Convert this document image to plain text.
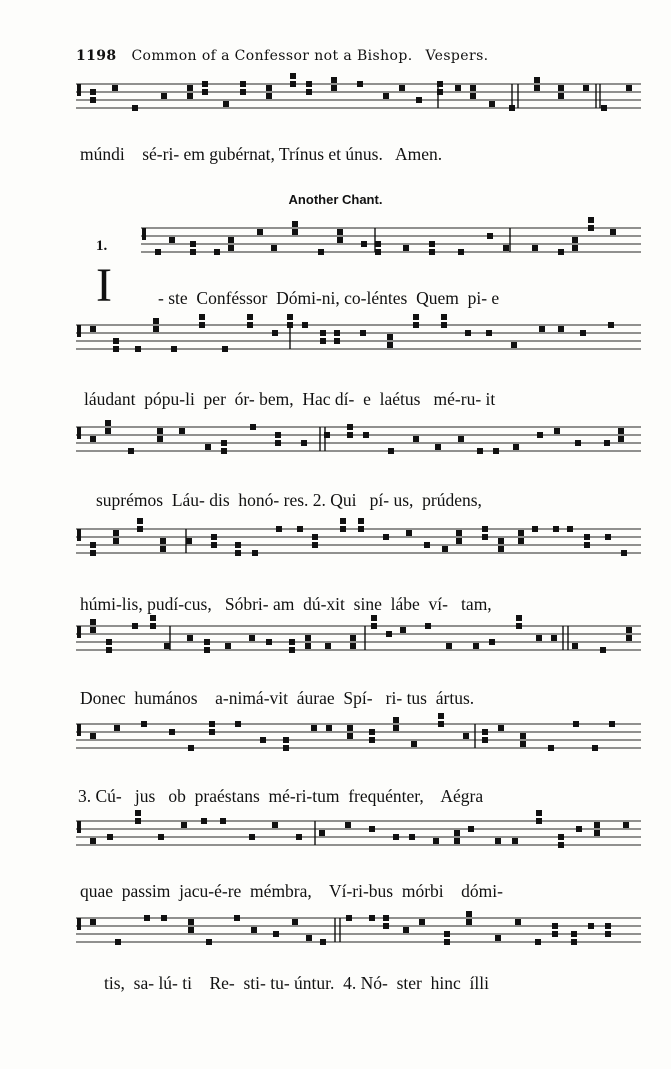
1198 Common of a Confessor not a Bishop. Vespers.
Another Chant.
1.
I
múndi    sé-ri- em gubérnat, Trínus et únus.   Amen.
- ste  Conféssor  Dómi-ni, co-léntes  Quem  pi- e
láudant  pópu-li  per  ór- bem,  Hac dí-  e  laétus   mé-ru- it
suprémos  Láu- dis  honó- res. 2. Qui   pí- us,  prúdens,
húmi-lis, pudí-cus,   Sóbri- am  dú-xit  sine  lábe  ví-   tam,
Donec  humános    a-nimá-vit  áurae  Spí-   ri- tus  ártus.
3. Cú-   jus   ob  praéstans  mé-ri-tum  frequénter,    Aégra
quae  passim  jacu-é-re  mémbra,    Ví-ri-bus  mórbi    dómi-
tis,  sa- lú- ti    Re-  sti- tu- úntur.  4. Nó-  ster  hinc  ílli
